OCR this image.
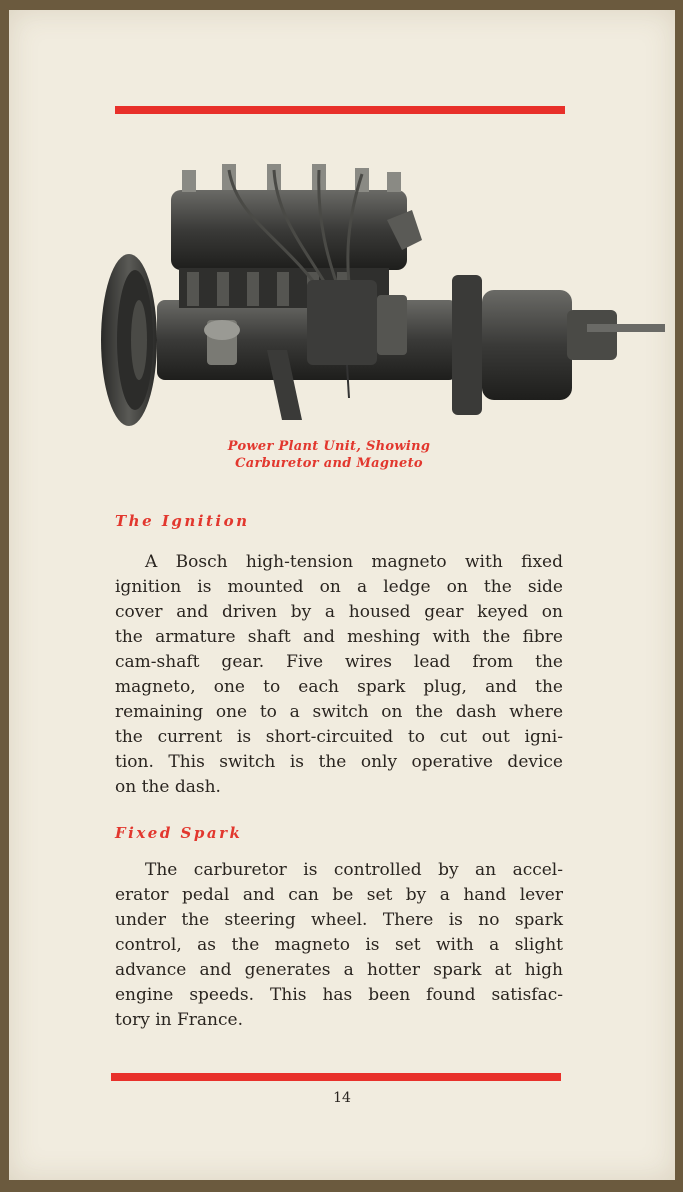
Power Plant Unit, Showing
Carburetor and Magneto
The Ignition
A Bosch high-tension magneto with fixed
ignition is mounted on a ledge on the side
cover and driven by a housed gear keyed on
the armature shaft and meshing with the fibre
cam-shaft gear. Five wires lead from the
magneto, one to each spark plug, and the
remaining one to a switch on the dash where
the current is short-circuited to cut out igni-
tion. This switch is the only operative device
on the dash.
Fixed Spark
The carburetor is controlled by an accel-
erator pedal and can be set by a hand lever
under the steering wheel. There is no spark
control, as the magneto is set with a slight
advance and generates a hotter spark at high
engine speeds. This has been found satisfac-
tory in France.
14
